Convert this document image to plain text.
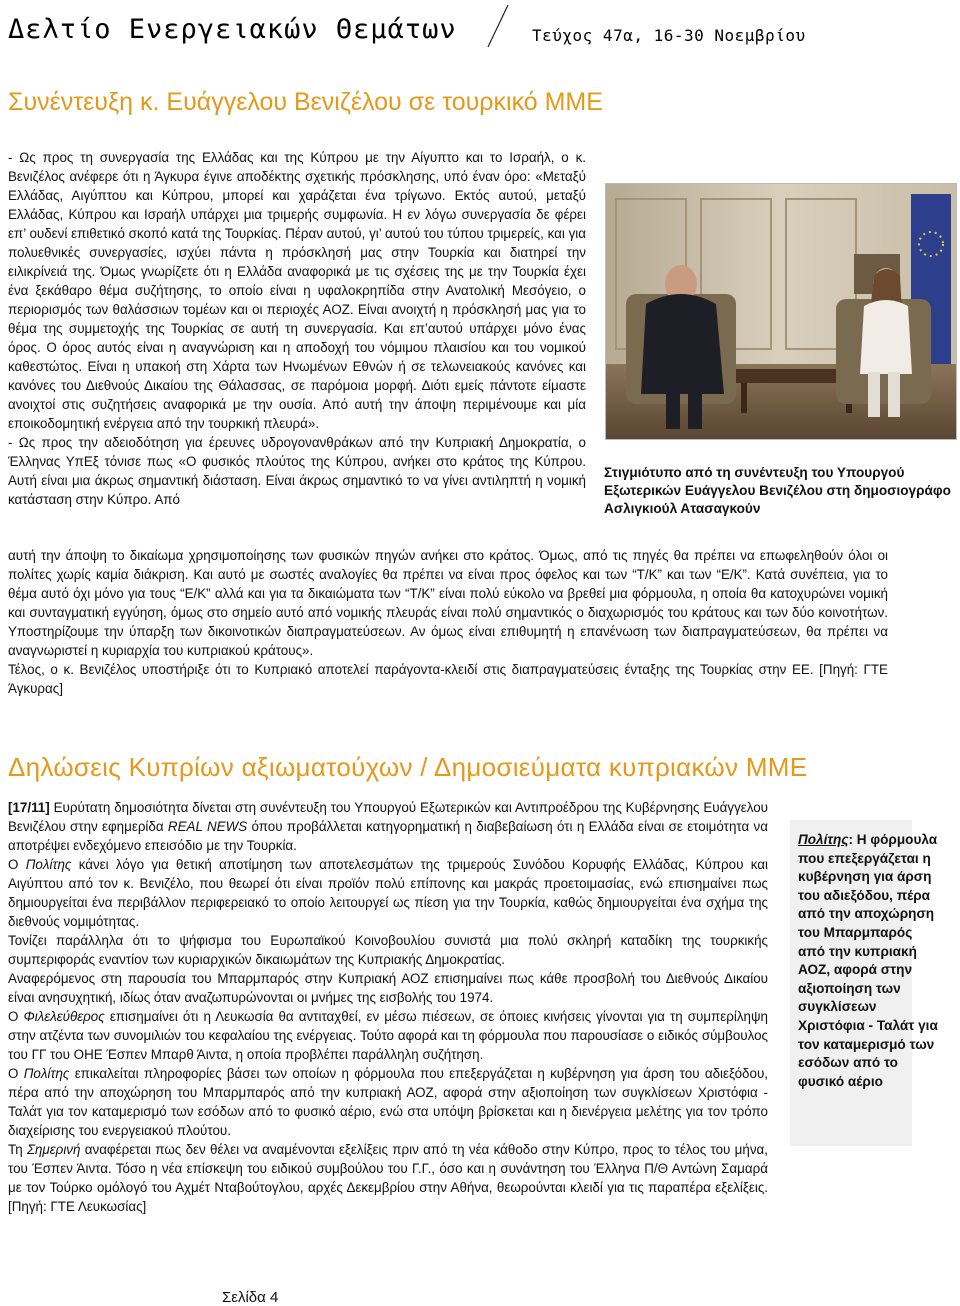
Δελτίο Ενεργειακών Θεμάτων	Τεύχος 47α, 16-30 Νοεμβρίου
Συνέντευξη κ. Ευάγγελου Βενιζέλου σε τουρκικό ΜΜΕ

- Ως προς τη συνεργασία της Ελλάδας και της Κύπρου με την Αίγυπτο και το Ισραήλ, ο κ. Βενιζέλος ανέφερε ότι η Άγκυρα έγινε αποδέκτης σχετικής πρόσκλησης, υπό έναν όρο: «Μεταξύ Ελλάδας, Αιγύπτου και Κύπρου, μπορεί και χαράζεται ένα τρίγωνο. Εκτός αυτού, μεταξύ Ελλάδας, Κύπρου και Ισραήλ υπάρχει μια τριμερής συμφωνία. Η εν λόγω συνεργασία δε φέρει επ’ ουδενί επιθετικό σκοπό κατά της Τουρκίας. Πέραν αυτού, γι’ αυτού του τύπου τριμερείς, και για πολυεθνικές συνεργασίες, ισχύει πάντα η πρόσκλησή μας στην Τουρκία και διατηρεί την ειλικρίνειά της. Όμως γνωρίζετε ότι η Ελλάδα αναφορικά με τις σχέσεις της με την Τουρκία έχει ένα ξεκάθαρο θέμα συζήτησης, το οποίο είναι η υφαλοκρηπίδα στην Ανατολική Μεσόγειο, ο περιορισμός των θαλάσσιων τομέων και οι περιοχές ΑΟΖ. Είναι ανοιχτή η πρόσκλησή μας για το θέμα της συμμετοχής της Τουρκίας σε αυτή τη συνεργασία. Και επ’αυτού υπάρχει μόνο ένας όρος. Ο όρος αυτός είναι η αναγνώριση και η αποδοχή του νόμιμου πλαισίου και του νομικού καθεστώτος. Είναι η υπακοή στη Χάρτα των Ηνωμένων Εθνών ή σε τελωνειακούς κανόνες και κανόνες του Διεθνούς Δικαίου της Θάλασσας, σε παρόμοια μορφή. Διότι εμείς πάντοτε είμαστε ανοιχτοί στις συζητήσεις αναφορικά με την ουσία. Από αυτή την άποψη περιμένουμε και μία εποικοδομητική ενέργεια από την τουρκική πλευρά».
- Ως προς την αδειοδότηση για έρευνες υδρογονανθράκων από την Κυπριακή Δημοκρατία, ο Έλληνας ΥπΕξ τόνισε πως «Ο φυσικός πλούτος της Κύπρου, ανήκει στο κράτος της Κύπρου. Αυτή είναι μια άκρως σημαντική διάσταση. Είναι άκρως σημαντικό το να γίνει αντιληπτή η νομική κατάσταση στην Κύπρο. Από

Στιγμιότυπο από τη συνέντευξη του Υπουργού Εξωτερικών Ευάγγελου Βενιζέλου στη δημοσιογράφο Ασλιγκιούλ Ατασαγκούν

αυτή την άποψη το δικαίωμα χρησιμοποίησης των φυσικών πηγών ανήκει στο κράτος. Όμως, από τις πηγές θα πρέπει να επωφεληθούν όλοι οι πολίτες χωρίς καμία διάκριση. Και αυτό με σωστές αναλογίες θα πρέπει να είναι προς όφελος και των “Τ/Κ” και των “Ε/Κ”. Κατά συνέπεια, για το θέμα αυτό όχι μόνο για τους “Ε/Κ” αλλά και για τα δικαιώματα των “Τ/Κ” είναι πολύ εύκολο να βρεθεί μια φόρμουλα, η οποία θα κατοχυρώνει νομική και συνταγματική εγγύηση, όμως στο σημείο αυτό από νομικής πλευράς είναι πολύ σημαντικός ο διαχωρισμός του κράτους και των δύο κοινοτήτων. Υποστηρίζουμε την ύπαρξη των δικοινοτικών διαπραγματεύσεων. Αν όμως είναι επιθυμητή η επανένωση των διαπραγματεύσεων, θα πρέπει να αναγνωριστεί η κυριαρχία του κυπριακού κράτους».
Τέλος, ο κ. Βενιζέλος υποστήριξε ότι το Κυπριακό αποτελεί παράγοντα-κλειδί στις διαπραγματεύσεις ένταξης της Τουρκίας στην ΕΕ. [Πηγή: ΓΤΕ Άγκυρας]

Δηλώσεις Κυπρίων αξιωματούχων / Δημοσιεύματα κυπριακών ΜΜΕ

[17/11] Ευρύτατη δημοσιότητα δίνεται στη συνέντευξη του Υπουργού Εξωτερικών και Αντιπροέδρου της Κυβέρνησης Ευάγγελου Βενιζέλου στην εφημερίδα REAL NEWS όπου προβάλλεται κατηγορηματική η διαβεβαίωση ότι η Ελλάδα είναι σε ετοιμότητα να αποτρέψει ενδεχόμενο επεισόδιο με την Τουρκία.
Ο Πολίτης κάνει λόγο για θετική αποτίμηση των αποτελεσμάτων της τριμερούς Συνόδου Κορυφής Ελλάδας, Κύπρου και Αιγύπτου από τον κ. Βενιζέλο, που θεωρεί ότι είναι προϊόν πολύ επίπονης και μακράς προετοιμασίας, ενώ επισημαίνει πως δημιουργείται ένα περιβάλλον περιφερειακό το οποίο λειτουργεί ως πίεση για την Τουρκία, καθώς δημιουργείται ένα σχήμα της διεθνούς νομιμότητας.
Τονίζει παράλληλα ότι το ψήφισμα του Ευρωπαϊκού Κοινοβουλίου συνιστά μια πολύ σκληρή καταδίκη της τουρκικής συμπεριφοράς εναντίον των κυριαρχικών δικαιωμάτων της Κυπριακής Δημοκρατίας.
Αναφερόμενος στη παρουσία του Μπαρμπαρός στην Κυπριακή ΑΟΖ επισημαίνει πως κάθε προσβολή του Διεθνούς Δικαίου είναι ανησυχητική, ιδίως όταν αναζωπυρώνονται οι μνήμες της εισβολής του 1974.
Ο Φιλελεύθερος επισημαίνει ότι η Λευκωσία θα αντιταχθεί, εν μέσω πιέσεων, σε όποιες κινήσεις γίνονται για τη συμπερίληψη στην ατζέντα των συνομιλιών του κεφαλαίου της ενέργειας. Τούτο αφορά και τη φόρμουλα που παρουσίασε ο ειδικός σύμβουλος του ΓΓ του ΟΗΕ Έσπεν Μπαρθ Άιντα, η οποία προβλέπει παράλληλη συζήτηση.
Ο Πολίτης επικαλείται πληροφορίες βάσει των οποίων η φόρμουλα που επεξεργάζεται η κυβέρνηση για άρση του αδιεξόδου, πέρα από την αποχώρηση του Μπαρμπαρός από την κυπριακή ΑΟΖ, αφορά στην αξιοποίηση των συγκλίσεων Χριστόφια - Ταλάτ για τον καταμερισμό των εσόδων από το φυσικό αέριο, ενώ στα υπόψη βρίσκεται και η διενέργεια μελέτης για τον τρόπο διαχείρισης του ενεργειακού πλούτου.
Τη Σημερινή αναφέρεται πως δεν θέλει να αναμένονται εξελίξεις πριν από τη νέα κάθοδο στην Κύπρο, προς το τέλος του μήνα, του Έσπεν Άιντα. Τόσο η νέα επίσκεψη του ειδικού συμβούλου του Γ.Γ., όσο και η συνάντηση του Έλληνα Π/Θ Αντώνη Σαμαρά με τον Τούρκο ομόλογό του Αχμέτ Νταβούτογλου, αρχές Δεκεμβρίου στην Αθήνα, θεωρούνται κλειδί για τις παραπέρα εξελίξεις. [Πηγή: ΓΤΕ Λευκωσίας]

Πολίτης: Η φόρμουλα που επεξεργάζεται η κυβέρνηση για άρση του αδιεξόδου, πέρα από την αποχώρηση του Μπαρμπαρός από την κυπριακή ΑΟΖ, αφορά στην αξιοποίηση των συγκλίσεων Χριστόφια - Ταλάτ για τον καταμερισμό των εσόδων από το φυσικό αέριο
Σελίδα 4
